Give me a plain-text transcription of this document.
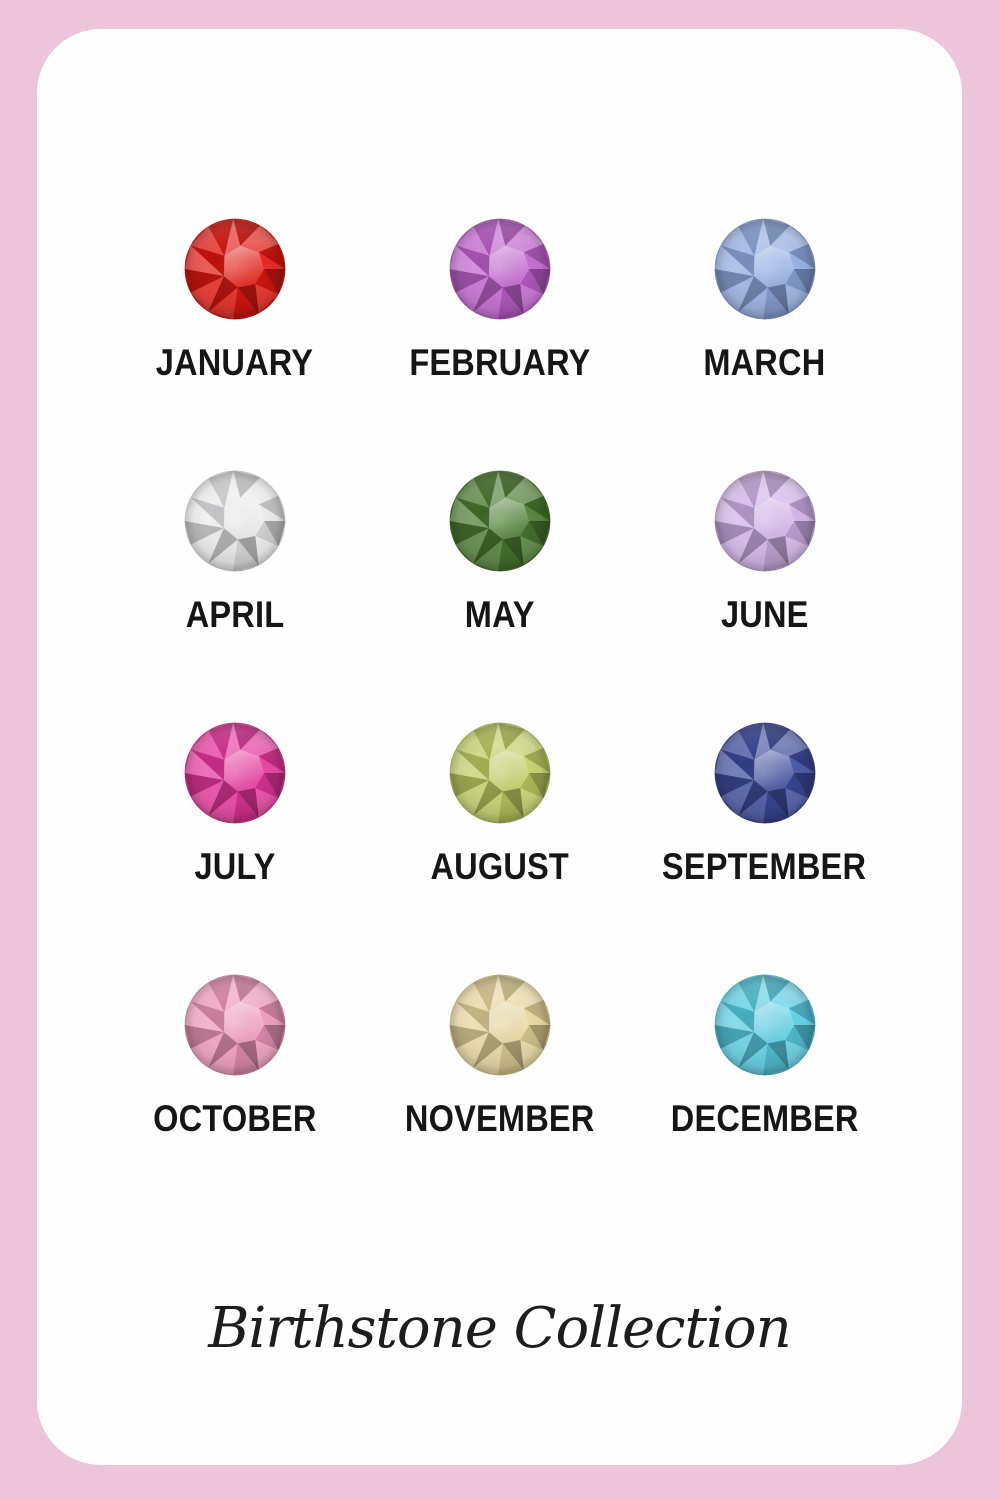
JANUARY	FEBRUARY	MARCH
APRIL	MAY	JUNE
JULY	AUGUST	SEPTEMBER
OCTOBER NOVEMBER DECEMBER
Birthstone Collection
